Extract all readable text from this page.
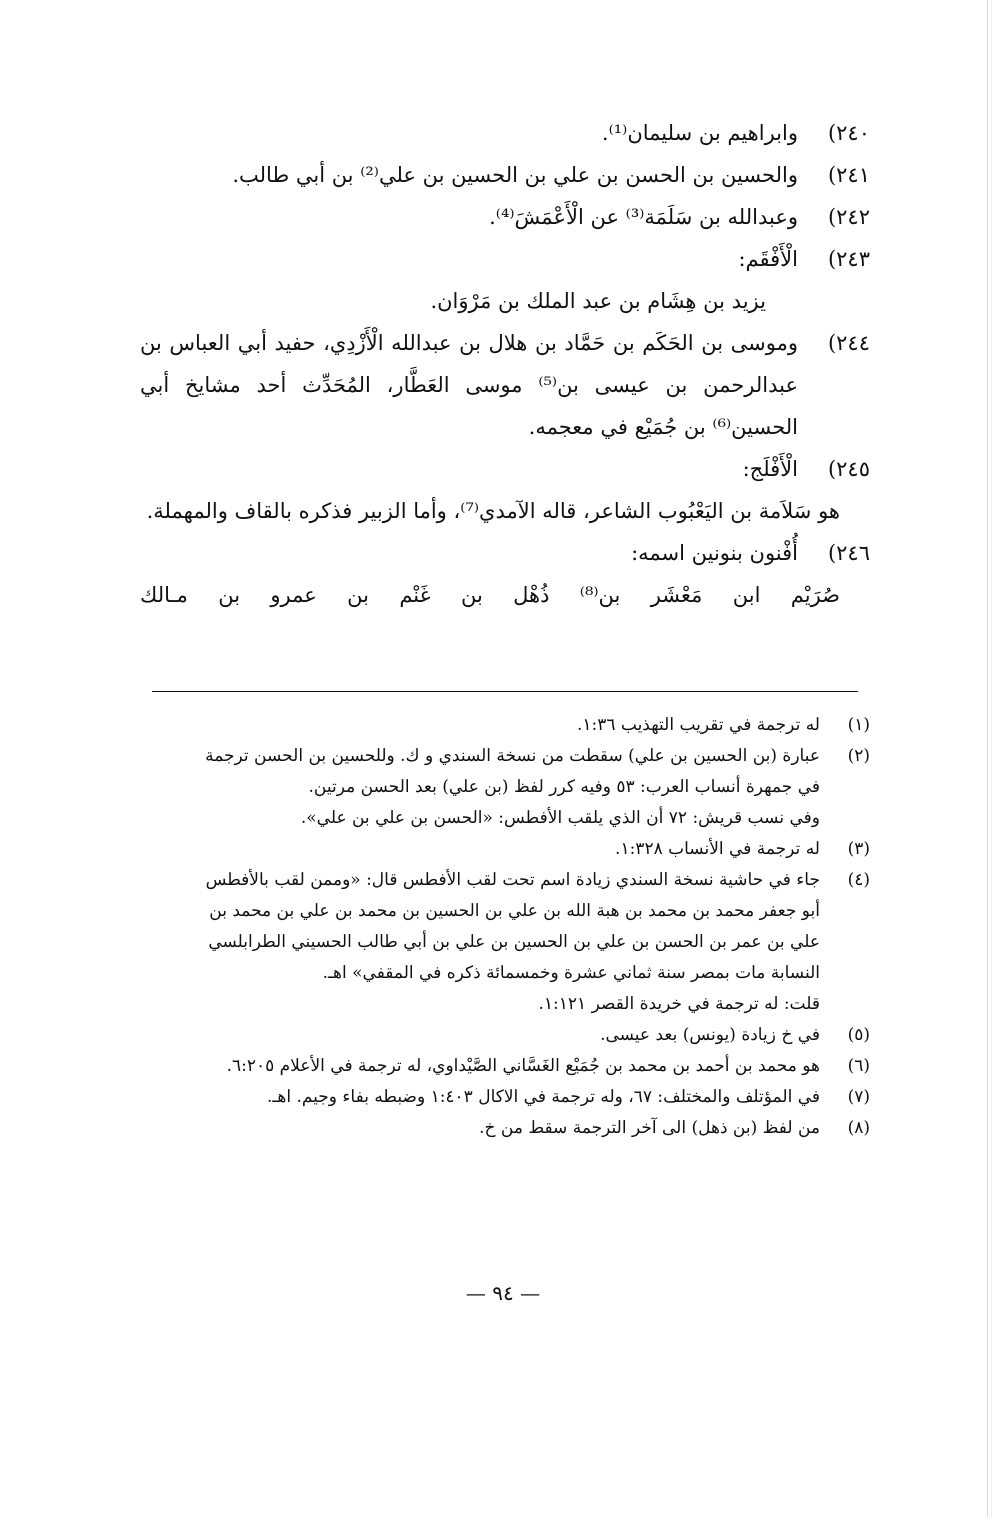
٢٤٠)
وابراهيم بن سليمان⁽¹⁾.
٢٤١)
والحسين بن الحسن بن علي بن الحسين بن علي⁽²⁾ بن أبي طالب.
٢٤٢)
وعبدالله بن سَلَمَة⁽³⁾ عن الْأَعْمَشَ⁽⁴⁾.
٢٤٣)
الْأَفْقَم:
يزيد بن هِشَام بن عبد الملك بن مَرْوَان.
٢٤٤)
وموسى بن الحَكَم بن حَمَّاد بن هلال بن عبدالله الْأَزْدِي، حفيد أبي العباس بن عبدالرحمن بن عيسى بن⁽⁵⁾ موسى العَطَّار، المُحَدِّث أحد مشايخ أبي الحسين⁽⁶⁾ بن جُمَيْع في معجمه.
٢٤٥)
الْأَفْلَج:
هو سَلاَمة بن اليَعْبُوب الشاعر، قاله الآمدي⁽⁷⁾، وأما الزبير فذكره بالقاف والمهملة.
٢٤٦)
أُفْنون بنونين اسمه:
صُرَيْم ابن مَعْشَر بن⁽⁸⁾ ذُهْل بن غَنْم بن عمرو بن مـالك
(١)
له ترجمة في تقريب التهذيب ١:٣٦.
(٢)
عبارة (بن الحسين بن علي) سقطت من نسخة السندي و ك. وللحسين بن الحسن ترجمة
في جمهرة أنساب العرب: ٥٣ وفيه كرر لفظ (بن علي) بعد الحسن مرتين.
وفي نسب قريش: ٧٢ أن الذي يلقب الأفطس: «الحسن بن علي بن علي».
(٣)
له ترجمة في الأنساب ١:٣٢٨.
(٤)
جاء في حاشية نسخة السندي زيادة اسم تحت لقب الأفطس قال: «وممن لقب بالأفطس
أبو جعفر محمد بن محمد بن هبة الله بن علي بن الحسين بن محمد بن علي بن محمد بن
علي بن عمر بن الحسن بن علي بن الحسين بن علي بن أبي طالب الحسيني الطرابلسي
النسابة مات بمصر سنة ثماني عشرة وخمسمائة ذكره في المقفي» اهـ.
قلت: له ترجمة في خريدة القصر ١:١٢١.
(٥)
في خ زيادة (يونس) بعد عيسى.
(٦)
هو محمد بن أحمد بن محمد بن جُمَيْع الغَسَّاني الصَّيْداوي، له ترجمة في الأعلام ٦:٢٠٥.
(٧)
في المؤتلف والمختلف: ٦٧، وله ترجمة في الاكال ١:٤٠٣ وضبطه بفاء وجيم. اهـ.
(٨)
من لفظ (بن ذهل) الى آخر الترجمة سقط من خ.
— ٩٤ —
